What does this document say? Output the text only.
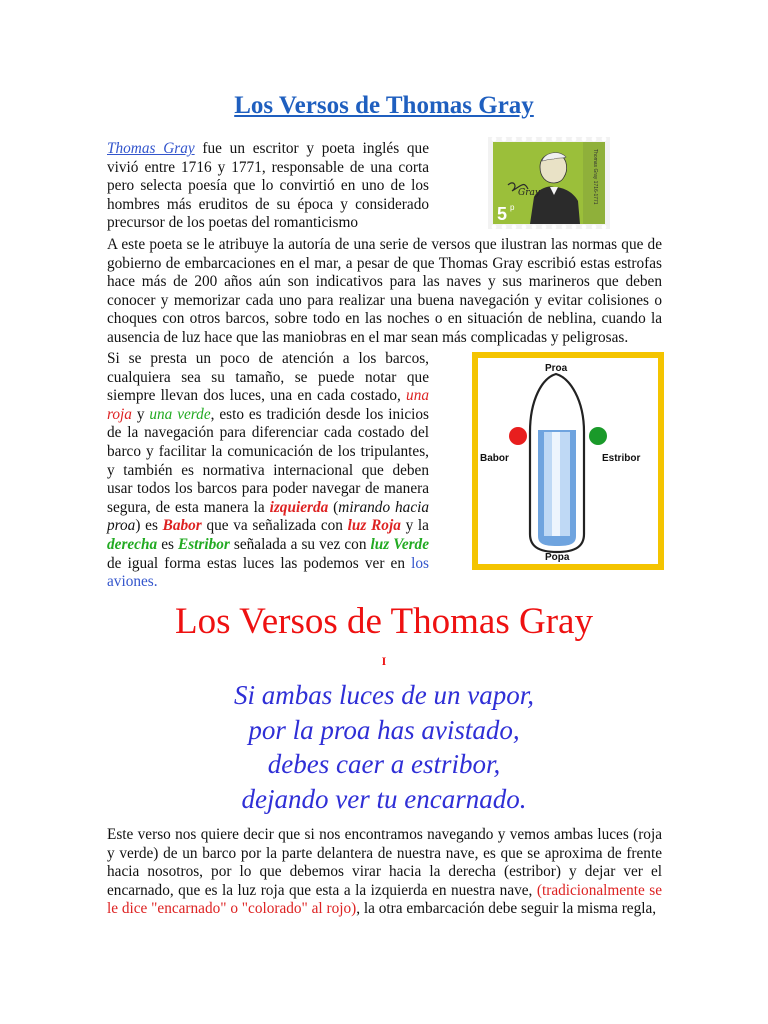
Los Versos de Thomas Gray

Thomas Gray fue un escritor y poeta inglés que vivió entre 1716 y 1771, responsable de una corta pero selecta poesía que lo convirtió en uno de los hombres más eruditos de su época y considerado precursor de los poetas del romanticismo	5 p
Gray	Thomas Gray 1716-1771

A este poeta se le atribuye la autoría de una serie de versos que ilustran las normas que de gobierno de embarcaciones en el mar, a pesar de que Thomas Gray escribió estas estrofas hace más de 200 años aún son indicativos para las naves y sus marineros que deben conocer y memorizar cada uno para realizar una buena navegación y evitar colisiones o choques con otros barcos, sobre todo en las noches o en situación de neblina, cuando la ausencia de luz hace que las maniobras en el mar sean más complicadas y peligrosas.

Si se presta un poco de atención a los barcos, cualquiera sea su tamaño, se puede notar que siempre llevan dos luces, una en cada costado, una roja y una verde, esto es tradición desde los inicios de la navegación para diferenciar cada costado del barco y facilitar la comunicación de los tripulantes, y también es normativa internacional que deben usar todos los barcos para poder navegar de manera segura, de esta manera la izquierda (mirando hacia proa) es Babor que va señalizada con luz Roja y la derecha es Estribor señalada a su vez con luz Verde de igual forma estas luces las podemos ver en los aviones.

Proa
Babor	Estribor
Popa
Los Versos de Thomas Gray
I
Si ambas luces de un vapor,
por la proa has avistado,
debes caer a estribor,
dejando ver tu encarnado.

Este verso nos quiere decir que si nos encontramos navegando y vemos ambas luces (roja y verde) de un barco por la parte delantera de nuestra nave, es que se aproxima de frente hacia nosotros, por lo que debemos virar hacia la derecha (estribor) y dejar ver el encarnado, que es la luz roja que esta a la izquierda en nuestra nave, (tradicionalmente se le dice "encarnado" o "colorado" al rojo), la otra embarcación debe seguir la misma regla,
